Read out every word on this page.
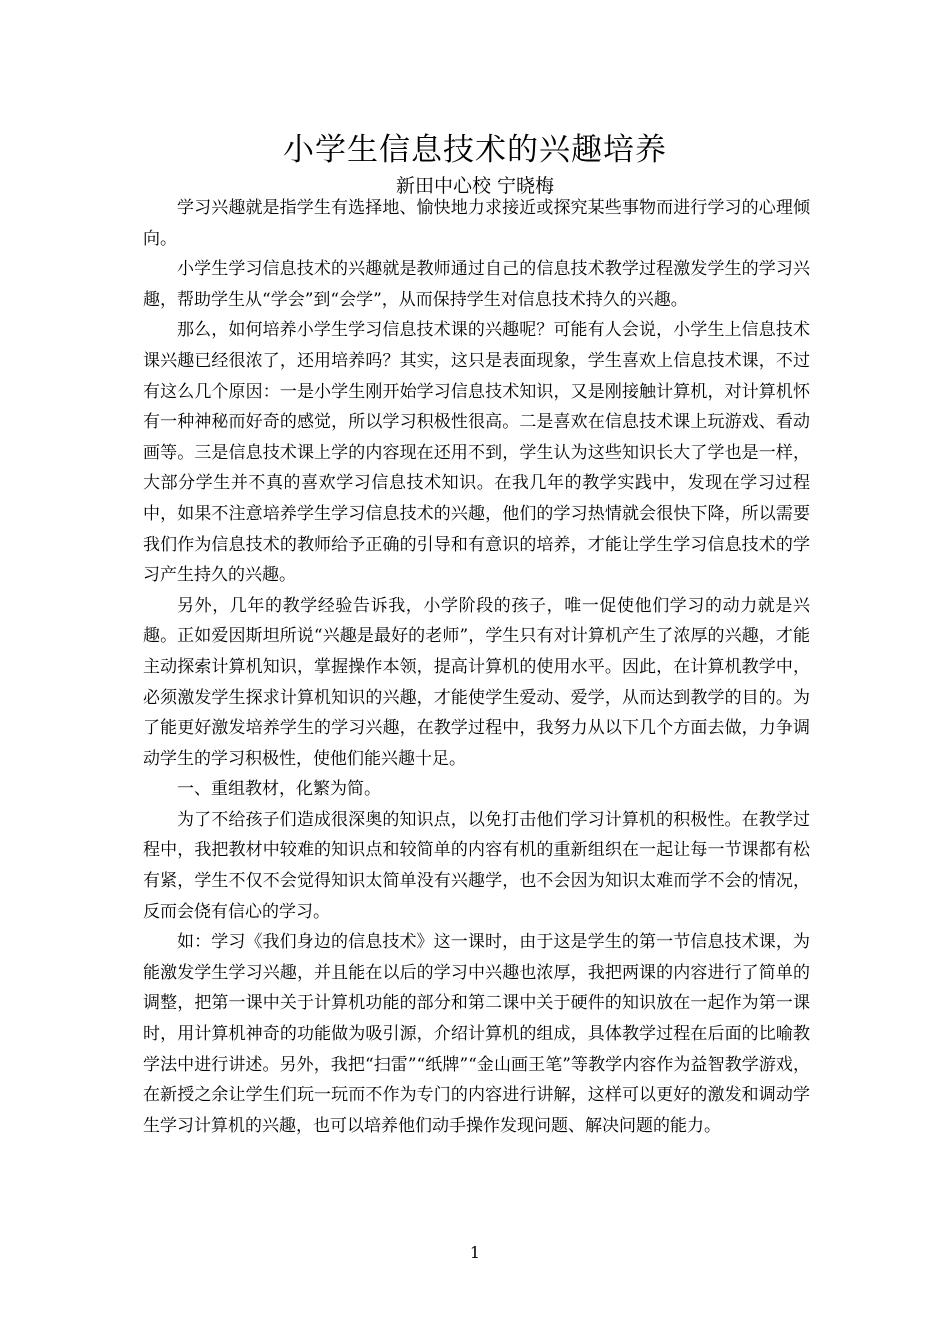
小学生信息技术的兴趣培养
新田中心校 宁晓梅

学习兴趣就是指学生有选择地、愉快地力求接近或探究某些事物而进行学习的心理倾向。

小学生学习信息技术的兴趣就是教师通过自己的信息技术教学过程激发学生的学习兴趣，帮助学生从“学会”到“会学”，从而保持学生对信息技术持久的兴趣。

那么，如何培养小学生学习信息技术课的兴趣呢？可能有人会说，小学生上信息技术课兴趣已经很浓了，还用培养吗？其实，这只是表面现象，学生喜欢上信息技术课，不过有这么几个原因：一是小学生刚开始学习信息技术知识，又是刚接触计算机，对计算机怀有一种神秘而好奇的感觉，所以学习积极性很高。二是喜欢在信息技术课上玩游戏、看动画等。三是信息技术课上学的内容现在还用不到，学生认为这些知识长大了学也是一样，大部分学生并不真的喜欢学习信息技术知识。在我几年的教学实践中，发现在学习过程中，如果不注意培养学生学习信息技术的兴趣，他们的学习热情就会很快下降，所以需要我们作为信息技术的教师给予正确的引导和有意识的培养，才能让学生学习信息技术的学习产生持久的兴趣。

另外，几年的教学经验告诉我，小学阶段的孩子，唯一促使他们学习的动力就是兴趣。正如爱因斯坦所说“兴趣是最好的老师”，学生只有对计算机产生了浓厚的兴趣，才能主动探索计算机知识，掌握操作本领，提高计算机的使用水平。因此，在计算机教学中，必须激发学生探求计算机知识的兴趣，才能使学生爱动、爱学，从而达到教学的目的。为了能更好激发培养学生的学习兴趣，在教学过程中，我努力从以下几个方面去做，力争调动学生的学习积极性，使他们能兴趣十足。

一、重组教材，化繁为简。

为了不给孩子们造成很深奥的知识点，以免打击他们学习计算机的积极性。在教学过程中，我把教材中较难的知识点和较简单的内容有机的重新组织在一起让每一节课都有松有紧，学生不仅不会觉得知识太简单没有兴趣学，也不会因为知识太难而学不会的情况，反而会侥有信心的学习。

如：学习《我们身边的信息技术》这一课时，由于这是学生的第一节信息技术课，为能激发学生学习兴趣，并且能在以后的学习中兴趣也浓厚，我把两课的内容进行了简单的调整，把第一课中关于计算机功能的部分和第二课中关于硬件的知识放在一起作为第一课时，用计算机神奇的功能做为吸引源，介绍计算机的组成，具体教学过程在后面的比喻教学法中进行讲述。另外，我把“扫雷”“纸牌”“金山画王笔”等教学内容作为益智教学游戏，在新授之余让学生们玩一玩而不作为专门的内容进行讲解，这样可以更好的激发和调动学生学习计算机的兴趣，也可以培养他们动手操作发现问题、解决问题的能力。

1
